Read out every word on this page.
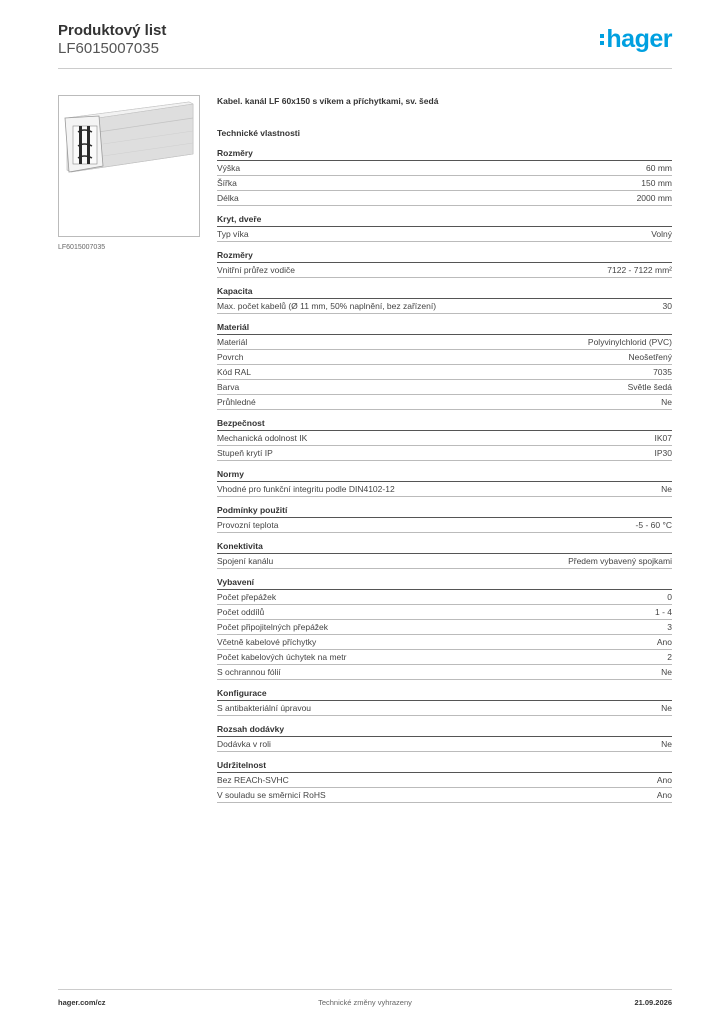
Produktový list
LF6015007035	hager
LF6015007035
Kabel. kanál LF 60x150 s víkem a příchytkami, sv. šedá
Technické vlastnosti
Rozměry
Výška	60 mm
Šířka	150 mm
Délka	2000 mm
Kryt, dveře
Typ víka	Volný
Rozměry
Vnitřní průřez vodiče	7122 - 7122 mm²
Kapacita
Max. počet kabelů (Ø 11 mm, 50% naplnění, bez zařízení)	30
Materiál
Materiál	Polyvinylchlorid (PVC)
Povrch	Neošetřený
Kód RAL	7035
Barva	Světle šedá
Průhledné	Ne
Bezpečnost
Mechanická odolnost IK	IK07
Stupeň krytí IP	IP30
Normy
Vhodné pro funkční integritu podle DIN4102-12	Ne
Podmínky použití
Provozní teplota	-5 - 60 °C
Konektivita
Spojení kanálu	Předem vybavený spojkami
Vybavení
Počet přepážek	0
Počet oddílů	1 - 4
Počet připojitelných přepážek	3
Včetně kabelové příchytky	Ano
Počet kabelových úchytek na metr	2
S ochrannou fólií	Ne
Konfigurace
S antibakteriální úpravou	Ne
Rozsah dodávky
Dodávka v roli	Ne
Udržitelnost
Bez REACh-SVHC	Ano
V souladu se směrnicí RoHS	Ano
hager.com/cz	Technické změny vyhrazeny	21.09.2026
